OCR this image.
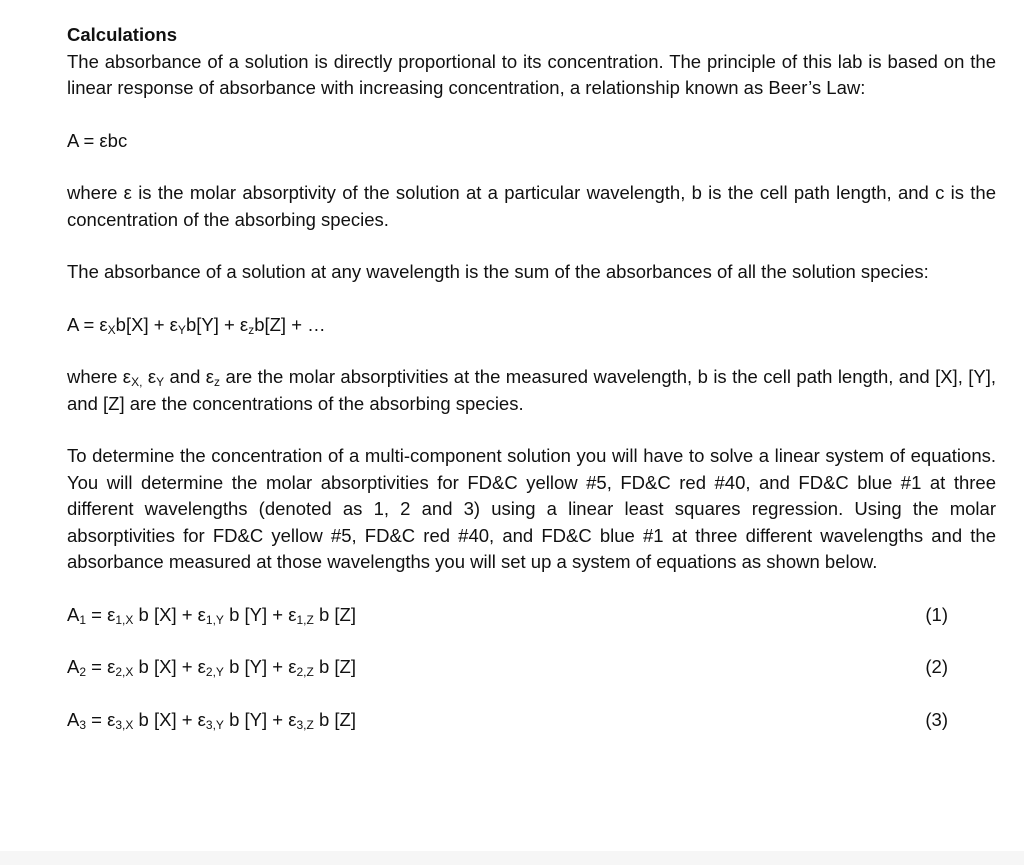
Calculations

The absorbance of a solution is directly proportional to its concentration. The principle of this lab is based on the linear response of absorbance with increasing concentration, a relationship known as Beer’s Law:

A = εbc

where ε is the molar absorptivity of the solution at a particular wavelength, b is the cell path length, and c is the concentration of the absorbing species.

The absorbance of a solution at any wavelength is the sum of the absorbances of all the solution species:

$A = \varepsilon_Xb[X] + \varepsilon_Yb[Y] + \varepsilon_zb[Z]$ + …

where $\varepsilon_{X,}$ $\varepsilon_Y$ and $\varepsilon_z$ are the molar absorptivities at the measured wavelength, b is the cell path length, and [X], [Y], and [Z] are the concentrations of the absorbing species.

To determine the concentration of a multi-component solution you will have to solve a linear system of equations. You will determine the molar absorptivities for FD&C yellow #5, FD&C red #40, and FD&C blue #1 at three different wavelengths (denoted as 1, 2 and 3) using a linear least squares regression. Using the molar absorptivities for FD&C yellow #5, FD&C red #40, and FD&C blue #1 at three different wavelengths and the absorbance measured at those wavelengths you will set up a system of equations as shown below.

$A_1 = \varepsilon_{1,X}$ b $[X] + \varepsilon_{1,Y}$ b $[Y] + \varepsilon_{1,Z}$ b [Z]	(1)
$A_2 = \varepsilon_{2,X}$ b $[X] + \varepsilon_{2,Y}$ b $[Y] + \varepsilon_{2,Z}$ b [Z]	(2)
$A_3 = \varepsilon_{3,X}$ b $[X] + \varepsilon_{3,Y}$ b $[Y] + \varepsilon_{3,Z}$ b [Z]	(3)
